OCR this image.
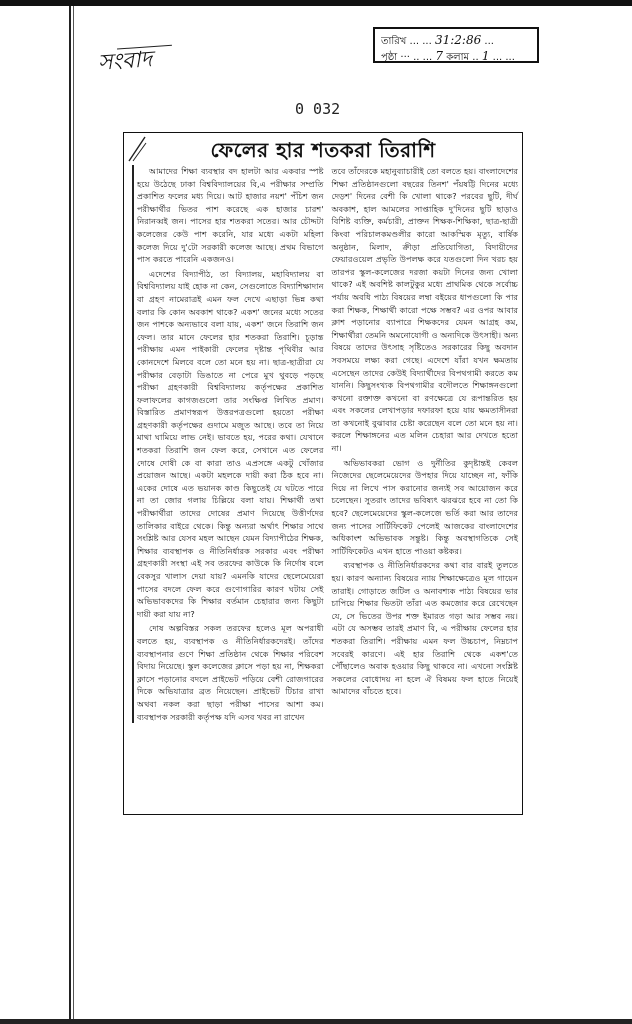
সংবাদ
তারিখ ... ... 31:2:86 ...
পৃষ্ঠা ··· .. ... 7 কলাম .. 1 ... ...
0 032
ফেলের হার শতকরা তিরাশি

আমাদের শিক্ষা ব্যবস্থার বদ হালটা আর একবার স্পষ্ট হয়ে উঠেছে ঢাকা বিশ্ববিদ্যালয়ের বি,এ পরীক্ষার সম্প্রতি প্রকাশিত ফলের মধ্য দিয়ে। আট হাজার নয়শ' পঁচিশ জন পরীক্ষার্থীর ভিতর পাশ করেছে এক হাজার চারশ' নিরানব্বই জন। পাসের হার শতকরা সতের। আর চৌদ্দটা কলেজের কেউ পাশ করেনি, যার মধ্যে একটা মহিলা কলেজ দিয়ে দু'টো সরকারী কলেজ আছে। প্রথম বিভাগে পাস করতে পারেনি একজনও।

এদেশের বিদ্যাপীঠ, তা বিদ্যালয়, মহাবিদ্যালয় বা বিশ্ববিদ্যালয় যাই হোক না কেন, সেগুলোতে বিদ্যাশিক্ষাদান বা গ্রহণ নামেরাত্রই এমন ফল দেখে এছাড়া ভিন্ন কথা বলার কি কোন অবকাশ থাকে? একশ' জনের মধ্যে সতের জন পাশকে অন্যভাবে বলা যায়, একশ' জনে তিরাশি জন ফেল। তার মানে ফেলের হার শতকরা তিরাশি। চূড়ান্ত পরীক্ষায় এমন পাইকারী ফেলের দৃষ্টান্ত পৃথিবীর আর কোনদেশে মিলবে বলে তো মনে হয় না। ছাত্র-ছাত্রীরা যে পরীক্ষার বেড়াটা ডিঙাতে না পেরে মুখ থুবড়ে পড়ছে পরীক্ষা গ্রহণকারী বিশ্ববিদ্যালয় কর্তৃপক্ষের প্রকাশিত ফলাফলের কাগজগুলো তার সংক্ষিপ্ত লিখিত প্রমাণ। বিস্তারিত প্রমাণস্বরূপ উত্তরপত্রগুলো হয়তো পরীক্ষা গ্রহণকারী কর্তৃপক্ষের গুদামে মজুত আছে। তবে তা নিয়ে মাথা ঘামিয়ে লাভ নেই। ভাবতে হয়, পরের কথা। যেখানে শতকরা তিরাশি জন ফেল করে, সেখানে এত ফেলের দোষে দোষী কে বা কারা তাও এপ্রসঙ্গে একটু খোঁজার প্রয়োজন আছে। একটা মহলকে দায়ী করা ঠিক হবে না। একের দোষে এত ভয়ানক কাণ্ড কিছুতেই যে ঘটতে পারে না তা জোর গলায় চিল্লিয়ে বলা যায়। শিক্ষার্থী তথা পরীক্ষার্থীরা তাদের দোষের প্রমাণ দিয়েছে উত্তীর্ণদের তালিকার বাইরে থেকে। কিন্তু অন্যরা অর্থাৎ শিক্ষার সাথে সংশ্লিষ্ট আর যেসব মহল আছেন যেমন বিদ্যাপীঠের শিক্ষক, শিক্ষার ব্যবস্থাপক ও নীতিনির্ধারক সরকার এবং পরীক্ষা গ্রহণকারী সংস্থা এই সব তরফের কাউকে কি নির্দোষ বলে বেকসুর খালাস দেয়া যায়? এমনকি যাদের ছেলেমেয়েরা পাসের বদলে ফেল করে গুণোগারির কারণ ঘটায় সেই অভিভাবকদের কি শিক্ষার বর্তমান চেহারার জন্য কিছুটা দায়ী করা যায় না?

দোষ অল্পবিস্তর সকল তরফের হলেও মূল অপরাধী বলতে হয়, ব্যবস্থাপক ও নীতিনির্ধারকদেরই। তাঁদের ব্যবস্থাপনার গুণে শিক্ষা প্রতিষ্ঠান থেকে শিক্ষার পরিবেশ বিদায় নিয়েছে। স্কুল কলেজের ক্লাসে পড়া হয় না, শিক্ষকরা ক্লাসে পড়ানোর বদলে প্রাইভেট পড়িয়ে বেশী রোজগারের দিকে অভিযাত্রার ব্রত নিয়েছেন। প্রাইভেট টিচার রাখা অথবা নকল করা ছাড়া পরীক্ষা পাসের আশা কম। ব্যবস্থাপক সরকারী কর্তৃপক্ষ যদি এসব খবর না রাখেন

তবে তাঁদেরকে মহানুব্যাচারীই তো বলতে হয়। বাংলাদেশের শিক্ষা প্রতিষ্ঠানগুলো বছরের তিনশ' পঁয়ষট্টি দিনের মধ্যে দেড়শ' দিনের বেশী কি খোলা থাকে? পরবের ছুটি, দীর্ঘ অবকাশ, হাল আমলের সাপ্তাহিক দু'দিনের ছুটি ছাড়াও বিশিষ্ট ব্যক্তি, কর্মচারী, প্রাক্তন শিক্ষক-শিক্ষিকা, ছাত্র-ছাত্রী কিংবা পরিচালকমণ্ডলীর কারো আকস্মিক মৃত্যু, বার্ষিক অনুষ্ঠান, মিলাদ, ক্রীড়া প্রতিযোগিতা, বিদায়ীদের ফেয়ারওয়েল প্রভৃতি উপলক্ষ করে যতগুলো দিন খরচ হয় তারপর স্কুল-কলেজের দরজা কয়টা দিনের জন্য খোলা থাকে? এই অবশিষ্ট কালটুকুর মধ্যে প্রাথমিক থেকে সর্বোচ্চ পর্যায় অবধি পাঠ্য বিষয়ের লম্বা বইয়ের ধাপগুলো কি পার করা শিক্ষক, শিক্ষার্থী কারো পক্ষে সম্ভব? এর ওপর আবার ক্লাশ পড়ানোর ব্যাপারে শিক্ষকদের যেমন আগ্রহ কম, শিক্ষার্থীরা তেমনি অমনোযোগী ও অন্যদিকে উৎসাহী। অন্য বিষয়ে তাদের উৎসাহ সৃষ্টিতেও সরকারের কিছু অবদান সবসময়ে লক্ষ্য করা গেছে। এদেশে যাঁরা যখন ক্ষমতায় এসেছেন তাদের কেউই বিদ্যার্থীদের বিপথগামী করতে কম যাননি। কিছুসংখ্যক বিপথগামীর বদৌলতে শিক্ষাঙ্গনগুলো কখনো রক্তাক্ত কখনো বা রণক্ষেত্রে যে রূপান্তরিত হয় এবং সকলের লেখাপড়ার দফারফা হয়ে যায় ক্ষমতাসীনরা তা কখনোই বুঝাবার চেষ্টা করেছেন বলে তো মনে হয় না। করলে শিক্ষাঙ্গনের এত মলিন চেহারা আর দেখতে হতো না।

অভিভাবকরা ভোগ ও দুর্নীতির কুদৃষ্টান্তই কেবল নিজেদের ছেলেমেয়েদের উপহার দিয়ে যাচ্ছেন না, ফাঁকি দিয়ে না লিখে পাস করানোর জন্যই সব আয়োজন করে চলেছেন। সুতরাং তাদের ভবিষ্যৎ ঝরঝরে হবে না তো কি হবে? ছেলেমেয়েদের স্কুল-কলেজে ভর্তি করা আর তাদের জন্য পাসের সার্টিফিকেট পেলেই আজকের বাংলাদেশের অধিকাংশ অভিভাবক সন্তুষ্ট। কিন্তু অবস্থাগতিকে সেই সার্টিফিকেটও এখন হাতে পাওয়া কষ্টকর।

ব্যবস্থাপক ও নীতিনির্ধারকদের কথা বার বারই তুলতে হয়। কারণ অন্যান্য বিষয়ের ন্যায় শিক্ষাক্ষেত্রেও মূল গায়েন তারাই। গোড়াতে জটিল ও অনাবশ্যক পাঠ্য বিষয়ের ভার চাপিয়ে শিক্ষার ভিতটা তাঁরা এত কমজোর করে রেখেছেন যে, সে ভিতের উপর শক্ত ইমারত গড়া আর সম্ভব নয়। এটা যে অসম্ভব তারই প্রমাণ বি, এ পরীক্ষায় ফেলের হার শতকরা তিরাশি। পরীক্ষায় এমন ফল উচ্চচাপ, নিম্নচাপ সবেরই কারণে। এই হার তিরাশি থেকে একশ'তে পৌঁছালেও অবাক হওয়ার কিছু থাকবে না। এখনো সংশ্লিষ্ট সকলের বোধোদয় না হলে ঐ বিষময় ফল হাতে নিয়েই আমাদের বাঁচতে হবে।
